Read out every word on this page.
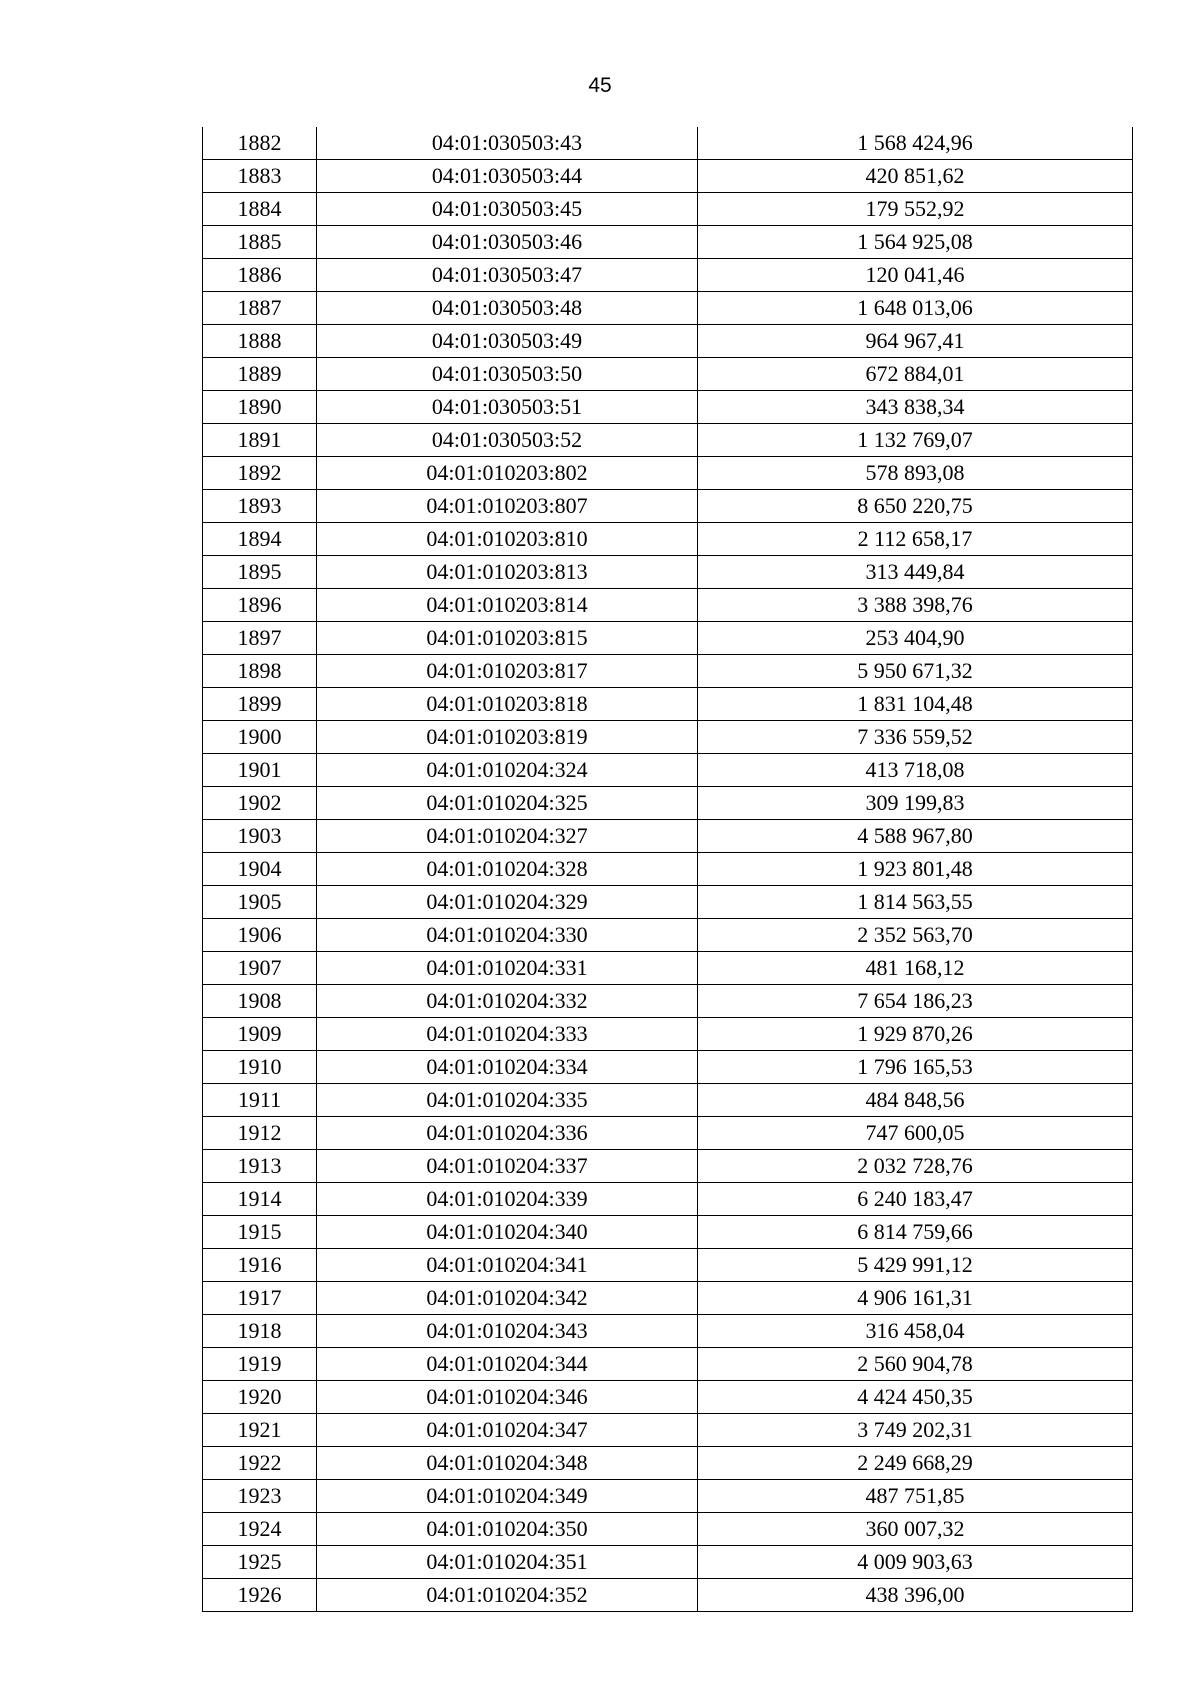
45
1882	04:01:030503:43	1 568 424,96
1883	04:01:030503:44	420 851,62
1884	04:01:030503:45	179 552,92
1885	04:01:030503:46	1 564 925,08
1886	04:01:030503:47	120 041,46
1887	04:01:030503:48	1 648 013,06
1888	04:01:030503:49	964 967,41
1889	04:01:030503:50	672 884,01
1890	04:01:030503:51	343 838,34
1891	04:01:030503:52	1 132 769,07
1892	04:01:010203:802	578 893,08
1893	04:01:010203:807	8 650 220,75
1894	04:01:010203:810	2 112 658,17
1895	04:01:010203:813	313 449,84
1896	04:01:010203:814	3 388 398,76
1897	04:01:010203:815	253 404,90
1898	04:01:010203:817	5 950 671,32
1899	04:01:010203:818	1 831 104,48
1900	04:01:010203:819	7 336 559,52
1901	04:01:010204:324	413 718,08
1902	04:01:010204:325	309 199,83
1903	04:01:010204:327	4 588 967,80
1904	04:01:010204:328	1 923 801,48
1905	04:01:010204:329	1 814 563,55
1906	04:01:010204:330	2 352 563,70
1907	04:01:010204:331	481 168,12
1908	04:01:010204:332	7 654 186,23
1909	04:01:010204:333	1 929 870,26
1910	04:01:010204:334	1 796 165,53
1911	04:01:010204:335	484 848,56
1912	04:01:010204:336	747 600,05
1913	04:01:010204:337	2 032 728,76
1914	04:01:010204:339	6 240 183,47
1915	04:01:010204:340	6 814 759,66
1916	04:01:010204:341	5 429 991,12
1917	04:01:010204:342	4 906 161,31
1918	04:01:010204:343	316 458,04
1919	04:01:010204:344	2 560 904,78
1920	04:01:010204:346	4 424 450,35
1921	04:01:010204:347	3 749 202,31
1922	04:01:010204:348	2 249 668,29
1923	04:01:010204:349	487 751,85
1924	04:01:010204:350	360 007,32
1925	04:01:010204:351	4 009 903,63
1926	04:01:010204:352	438 396,00
